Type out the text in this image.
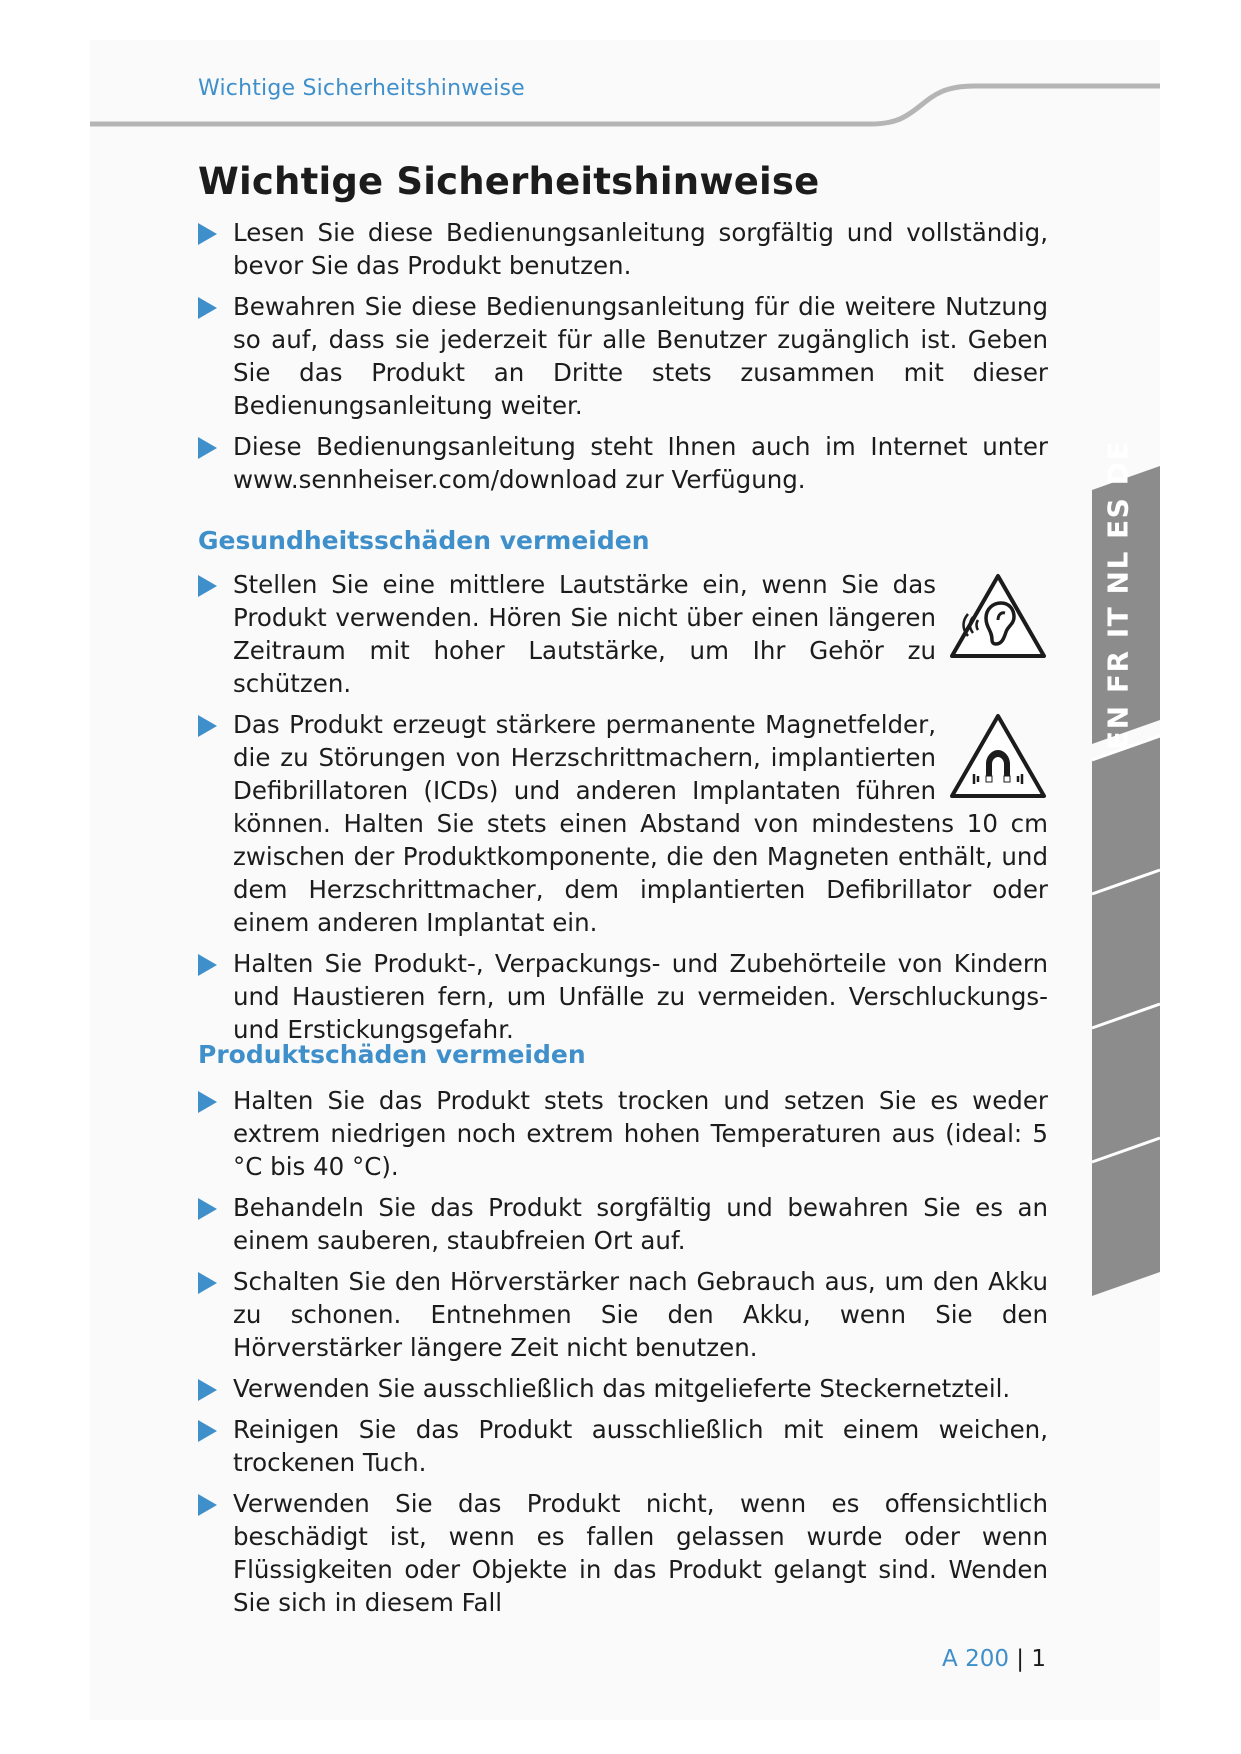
Wichtige Sicherheitshinweise
Wichtige Sicherheitshinweise
Lesen Sie diese Bedienungsanleitung sorgfältig und vollständig, bevor Sie das Produkt benutzen.
Bewahren Sie diese Bedienungsanleitung für die weitere Nutzung so auf, dass sie jederzeit für alle Benutzer zugänglich ist. Geben Sie das Produkt an Dritte stets zusammen mit dieser Bedienungsanleitung weiter.
Diese Bedienungsanleitung steht Ihnen auch im Internet unter www.sennheiser.com/download zur Verfügung.
Gesundheitsschäden vermeiden
Stellen Sie eine mittlere Lautstärke ein, wenn Sie das Produkt verwenden. Hören Sie nicht über einen längeren Zeitraum mit hoher Lautstärke, um Ihr Gehör zu schützen.
Das Produkt erzeugt stärkere permanente Magnetfelder, die zu Störungen von Herzschrittmachern, implantierten Defibrillatoren (ICDs) und anderen Implantaten führen können. Halten Sie stets einen Abstand von mindestens 10 cm zwischen der Produktkomponente, die den Magneten enthält, und dem Herzschrittmacher, dem implantierten Defibrillator oder einem anderen Implantat ein.
Halten Sie Produkt-, Verpackungs- und Zubehörteile von Kindern und Haustieren fern, um Unfälle zu vermeiden. Verschluckungs- und Erstickungsgefahr.
Produktschäden vermeiden
Halten Sie das Produkt stets trocken und setzen Sie es weder extrem niedrigen noch extrem hohen Temperaturen aus (ideal: 5 °C bis 40 °C).
Behandeln Sie das Produkt sorgfältig und bewahren Sie es an einem sauberen, staubfreien Ort auf.
Schalten Sie den Hörverstärker nach Gebrauch aus, um den Akku zu schonen. Entnehmen Sie den Akku, wenn Sie den Hörverstärker längere Zeit nicht benutzen.
Verwenden Sie ausschließlich das mitgelieferte Steckernetzteil.
Reinigen Sie das Produkt ausschließlich mit einem weichen, trockenen Tuch.
Verwenden Sie das Produkt nicht, wenn es offensichtlich beschädigt ist, wenn es fallen gelassen wurde oder wenn Flüssigkeiten oder Objekte in das Produkt gelangt sind. Wenden Sie sich in diesem Fall
EN FR IT NL ES DE
A 200 | 1
